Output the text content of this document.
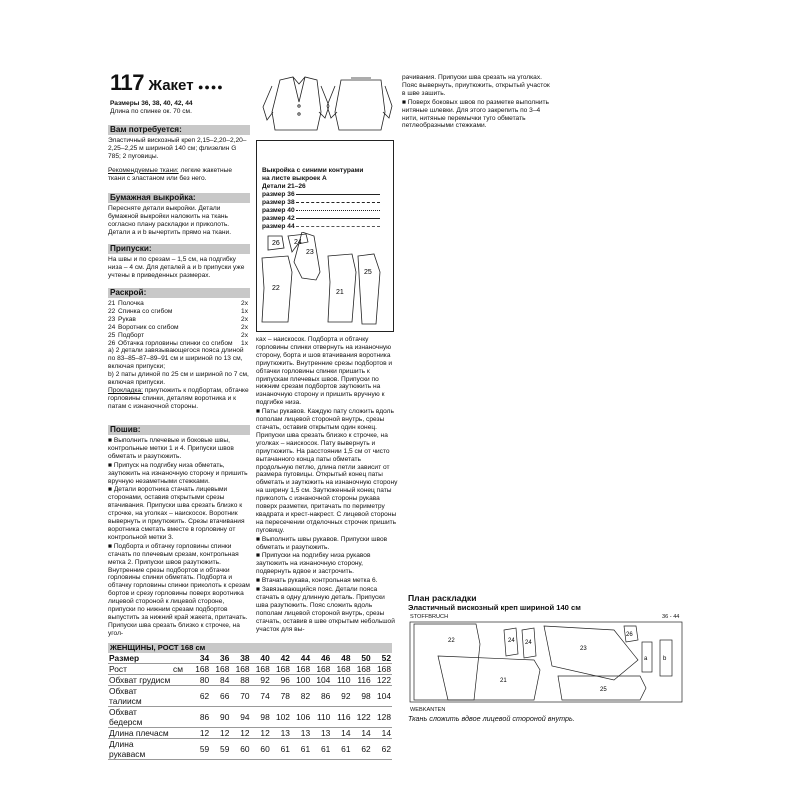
117 Жакет ●●●●
Размеры 36, 38, 40, 42, 44
Длина по спинке ок. 70 см.
Вам потребуется:
Эластичный вискозный креп 2,15–2,20–2,20–2,25–2,25 м шириной 140 см; флизелин G 785; 2 пуговицы.
Рекомендуемые ткани: легкие жакетные ткани с эластаном или без него.
Бумажная выкройка:
Пересняте детали выкройки. Детали бумажной выкройки наложить на ткань согласно плану раскладки и приколоть. Детали а и b вычертить прямо на ткани.
Припуски:
На швы и по срезам – 1,5 см, на подгибку низа – 4 см. Для деталей а и b припуски уже учтены в приведенных размерах.
Раскрой:
21	Полочка	2x
22	Спинка со сгибом	1x
23	Рукав	2x
24	Воротник со сгибом	2x
25	Подборт	2x
26	Обтачка горловины спинки со сгибом	1x
a) 2 детали завязывающегося пояса длиной по 83–85–87–89–91 см и шириной по 13 см, включая припуски;
b) 2 паты длиной по 25 см и шириной по 7 см, включая припуски.
Прокладка: приутюжить к подбортам, обтачке горловины спинки, деталям воротника и к патам с изнаночной стороны.
Пошив:

■ Выполнить плечевые и боковые швы, контрольные метки 1 и 4. Припуски швов обметать и разутюжить.

■ Припуск на подгибку низа обметать, заутюжить на изнаночную сторону и пришить вручную незаметными стежками.

■ Детали воротника стачать лицевыми сторонами, оставив открытыми срезы втачивания. Припуски шва срезать близко к строчке, на уголках – наискосок. Воротник вывернуть и приутюжить. Срезы втачивания воротника сметать вместе в горловину от контрольной метки 3.

■ Подборта и обтачку горловины спинки стачать по плечевым срезам, контрольная метка 2. Припуски швов разутюжить. Внутренние срезы подбортов и обтачки горловины спинки обметать. Подборта и обтачку горловины спинки приколоть к срезам бортов и срезу горловины поверх воротника лицевой стороной к лицевой стороне, припуски по нижним срезам подбортов выпустить за нижний край жакета, притачать. Припуски шва срезать близко к строчке, на угол-

Выкройка с синими контурами на листе выкроек А
Детали 21–26
размер 36
размер 38
размер 40
размер 42
размер 44
26 24
23
25
22
21

ках – наискосок. Подборта и обтачку горловины спинки отвернуть на изнаночную сторону, борта и шов втачивания воротника приутюжить. Внутренние срезы подбортов и обтачки горловины спинки пришить к припускам плечевых швов. Припуски по нижним срезам подбортов заутюжить на изнаночную сторону и пришить вручную к подгибке низа.

■ Паты рукавов. Каждую пату сложить вдоль пополам лицевой стороной внутрь, срезы стачать, оставив открытым один конец. Припуски шва срезать близко к строчке, на уголках – наискосок. Пату вывернуть и приутюжить. На расстоянии 1,5 см от чисто вытачанного конца паты обметать продольную петлю, длина петли зависит от размера пуговицы. Открытый конец паты обметать и заутюжить на изнаночную сторону на ширину 1,5 см. Заутюженный конец паты приколоть с изнаночной стороны рукава поверх разметки, притачать по периметру квадрата и крест-накрест. С лицевой стороны на пересечении отделочных строчек пришить пуговицу.

■ Выполнить швы рукавов. Припуски швов обметать и разутюжить.

■ Припуски на подгибку низа рукавов заутюжить на изнаночную сторону, подвернуть вдвое и застрочить.

■ Втачать рукава, контрольная метка 6.

■ Завязывающийся пояс. Детали пояса стачать в одну длинную деталь. Припуски шва разутюжить. Пояс сложить вдоль пополам лицевой стороной внутрь, срезы стачать, оставив в шве открытым небольшой участок для вы-

рачивания. Припуски шва срезать на уголках. Пояс вывернуть, приутюжить, открытый участок в шве зашить.

■ Поверх боковых швов по разметке выполнить нитяные шлевки. Для этого закрепить по 3–4 нити, нитяные перемычки туго обметать петлеобразными стежками.

План раскладки
Эластичный вискозный креп шириной 140 см
STOFFBRUCH	36 - 44
22	24 24
23
26
a	b
21
25
WEBKANTEN
Ткань сложить вдвое лицевой стороной внутрь.
ЖЕНЩИНЫ, РОСТ 168 см
Размер		34	36	38	40	42	44	46	48	50	52
Рост	см	168	168	168	168	168	168	168	168	168	168
Обхват грудисм		80	84	88	92	96	100	104	110	116	122
Обхват талиисм		62	66	70	74	78	82	86	92	98	104
Обхват бедерсм		86	90	94	98	102	106	110	116	122	128
Длина плечасм		12	12	12	12	13	13	13	14	14	14
Длина рукавасм		59	59	60	60	61	61	61	61	62	62
